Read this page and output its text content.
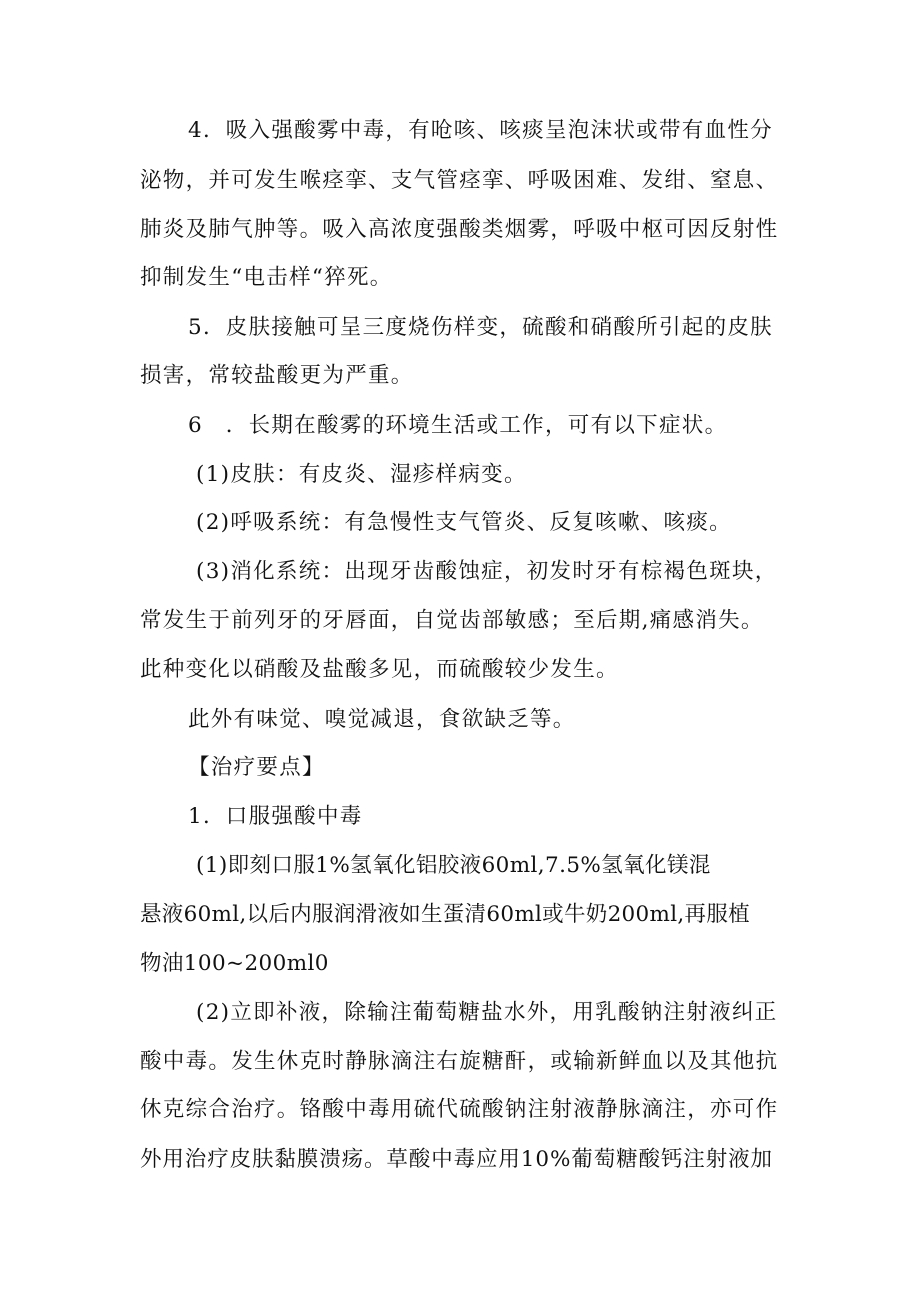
4．吸入强酸雾中毒，有呛咳、咳痰呈泡沫状或带有血性分
泌物，并可发生喉痉挛、支气管痉挛、呼吸困难、发绀、窒息、
肺炎及肺气肿等。吸入高浓度强酸类烟雾，呼吸中枢可因反射性
抑制发生“电击样“猝死。
5．皮肤接触可呈三度烧伤样变，硫酸和硝酸所引起的皮肤
损害，常较盐酸更为严重。
6　．长期在酸雾的环境生活或工作，可有以下症状。
(1)皮肤：有皮炎、湿疹样病变。
(2)呼吸系统：有急慢性支气管炎、反复咳嗽、咳痰。
(3)消化系统：出现牙齿酸蚀症，初发时牙有棕褐色斑块，
常发生于前列牙的牙唇面，自觉齿部敏感；至后期,痛感消失。
此种变化以硝酸及盐酸多见，而硫酸较少发生。
此外有味觉、嗅觉减退，食欲缺乏等。
【治疗要点】
1．口服强酸中毒
(1)即刻口服1%氢氧化铝胶液60ml,7.5%氢氧化镁混
悬液60ml,以后内服润滑液如生蛋清60ml或牛奶200ml,再服植
物油100~200ml0
(2)立即补液，除输注葡萄糖盐水外，用乳酸钠注射液纠正
酸中毒。发生休克时静脉滴注右旋糖酐，或输新鲜血以及其他抗
休克综合治疗。铬酸中毒用硫代硫酸钠注射液静脉滴注，亦可作
外用治疗皮肤黏膜溃疡。草酸中毒应用10%葡萄糖酸钙注射液加
